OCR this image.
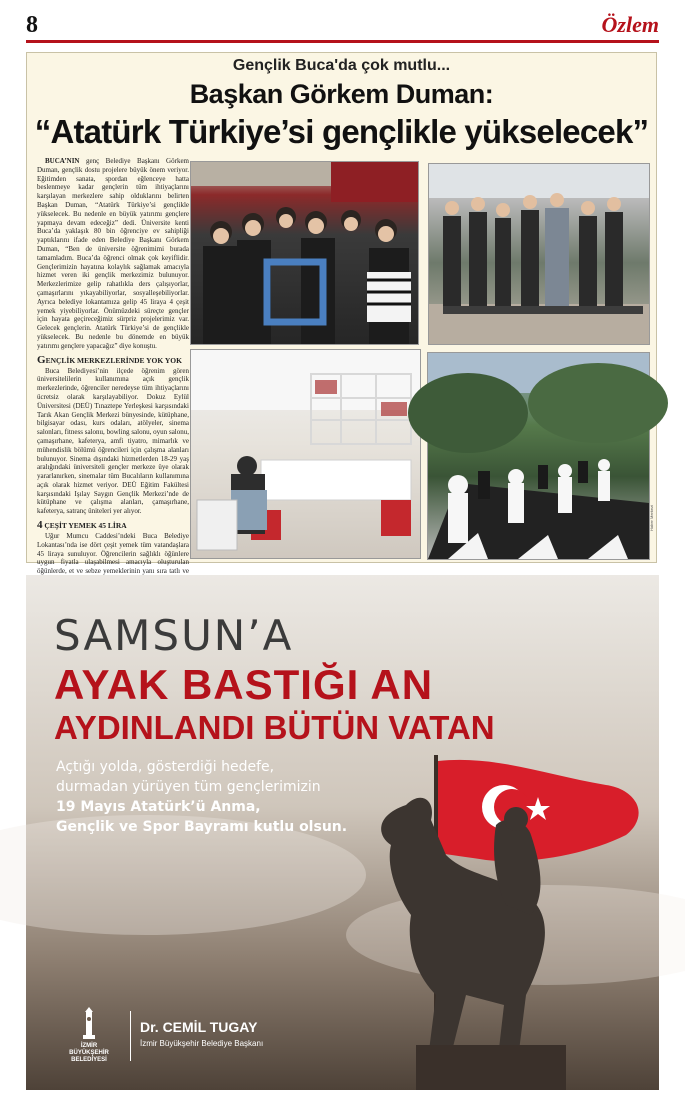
8	Özlem
Gençlik Buca'da çok mutlu...
Başkan Görkem Duman:
“Atatürk Türkiye’si gençlikle yükselecek”

BUCA’NIN genç Belediye Başkanı Görkem Duman, gençlik dostu projelere büyük önem veriyor. Eğitimden sanata, spordan eğlenceye hatta beslenmeye kadar gençlerin tüm ihtiyaçlarını karşılayan merkezlere sahip olduklarını belirten Başkan Duman, “Atatürk Türkiye’si gençlikle yükselecek. Bu nedenle en büyük yatırımı gençlere yapmaya devam edeceğiz” dedi. Üniversite kenti Buca’da yaklaşık 80 bin öğrenciye ev sahipliği yaptıklarını ifade eden Belediye Başkanı Görkem Duman, “Ben de üniversite öğrenimimi burada tamamladım. Buca’da öğrenci olmak çok keyiflidir. Gençlerimizin hayatına kolaylık sağlamak amacıyla hizmet veren iki gençlik merkezimiz bulunuyor. Merkezlerimize gelip rahatlıkla ders çalışıyorlar, çamaşırlarını yıkayabiliyorlar, sosyalleşebiliyorlar. Ayrıca belediye lokantamıza gelip 45 liraya 4 çeşit yemek yiyebiliyorlar. Önümüzdeki süreçte gençler için hayata geçireceğimiz sürpriz projelerimiz var. Gelecek gençlerin. Atatürk Türkiye’si de gençlikle yükselecek. Bu nedenle bu dönemde en büyük yatırımı gençlere yapacağız” diye konuştu.

GENÇLİK MERKEZLERİNDE YOK YOK

Buca Belediyesi’nin ilçede öğrenim gören üniversitelilerin kullanımına açık gençlik merkezlerinde, öğrenciler neredeyse tüm ihtiyaçlarını ücretsiz olarak karşılayabiliyor. Dokuz Eylül Üniversitesi (DEÜ) Tınaztepe Yerleşkesi karşısındaki Tarık Akan Gençlik Merkezi bünyesinde, kütüphane, bilgisayar odası, kurs odaları, atölyeler, sinema salonları, fitness salonu, bowling salonu, oyun salonu, çamaşırhane, kafeterya, amfi tiyatro, mimarlık ve mühendislik bölümü öğrencileri için çalışma alanları bulunuyor. Sinema dışındaki hizmetlerden 18-29 yaş aralığındaki üniversiteli gençler merkeze üye olarak yararlanırken, sinemalar tüm Bucalıların kullanımına açık olarak hizmet veriyor. DEÜ Eğitim Fakültesi karşısındaki Işılay Saygın Gençlik Merkezi’nde de kütüphane ve çalışma alanları, çamaşırhane, kafeterya, satranç üniteleri yer alıyor.

4 ÇEŞİT YEMEK 45 LİRA

Uğur Mumcu Caddesi’ndeki Buca Belediye Lokantası’nda ise dört çeşit yemek tüm vatandaşlara 45 liraya sunuluyor. Öğrencilerin sağlıklı öğünlere uygun fiyatla ulaşabilmesi amacıyla oluşturulan öğünlerde, et ve sebze yemeklerinin yanı sıra tatlı ve

Haber Merkezi
SAMSUN’A
AYAK BASTIĞI AN
AYDINLANDI BÜTÜN VATAN
Açtığı yolda, gösterdiği hedefe,
durmadan yürüyen tüm gençlerimizin
19 Mayıs Atatürk’ü Anma,
Gençlik ve Spor Bayramı kutlu olsun.
İZMİR
BÜYÜKŞEHİR
BELEDİYESİ
Dr. CEMİL TUGAY
İzmir Büyükşehir Belediye Başkanı
